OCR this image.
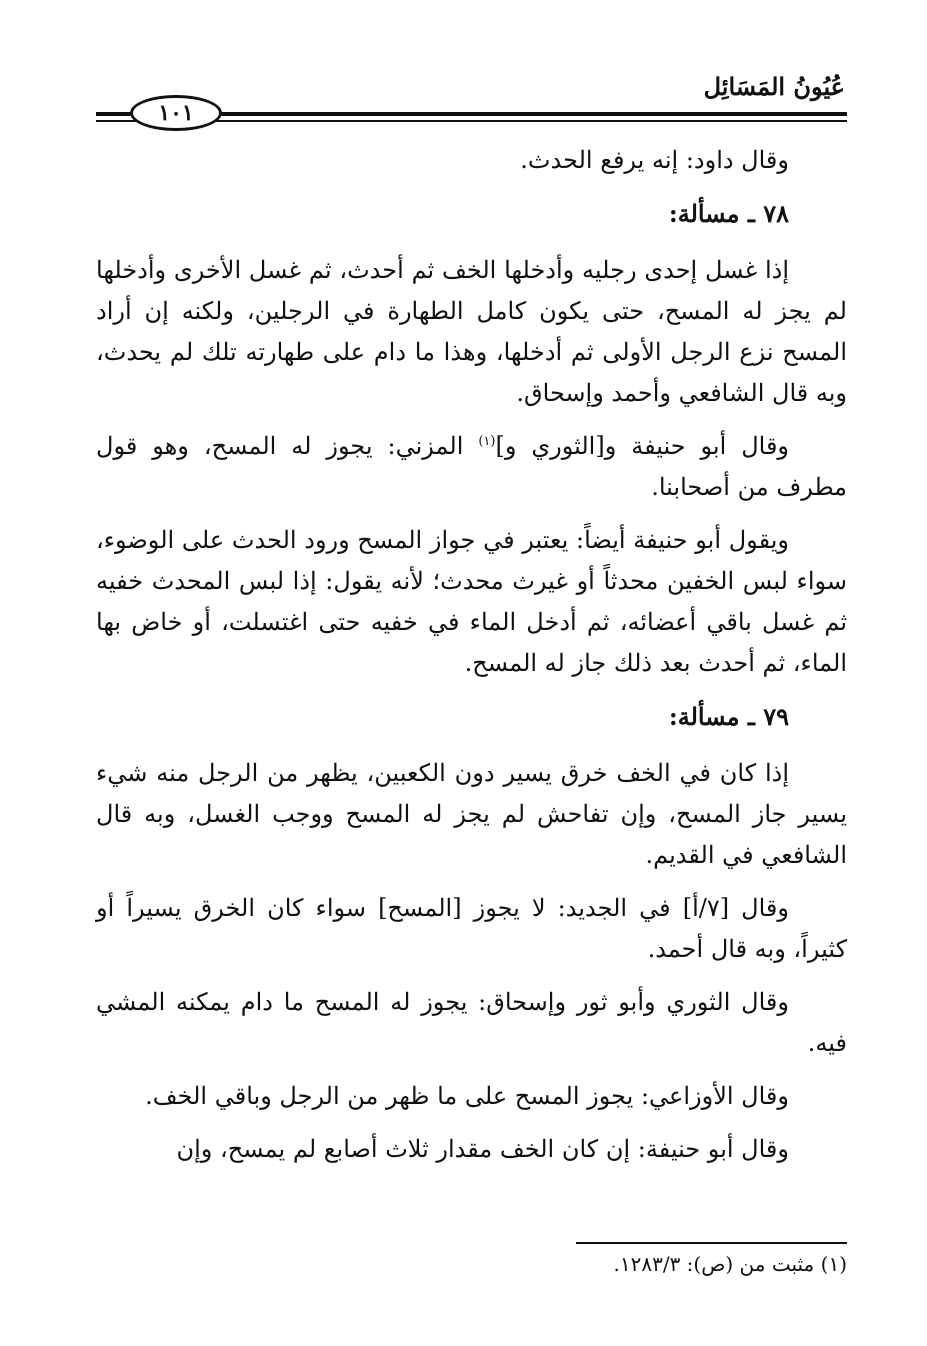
عُيُونُ المَسَائِل
١٠١

وقال داود: إنه يرفع الحدث.

٧٨ ـ مسألة:

إذا غسل إحدى رجليه وأدخلها الخف ثم أحدث، ثم غسل الأخرى وأدخلها لم يجز له المسح، حتى يكون كامل الطهارة في الرجلين، ولكنه إن أراد المسح نزع الرجل الأولى ثم أدخلها، وهذا ما دام على طهارته تلك لم يحدث، وبه قال الشافعي وأحمد وإسحاق.

وقال أبو حنيفة و[الثوري و]$^{(١)}$ المزني: يجوز له المسح، وهو قول مطرف من أصحابنا.

ويقول أبو حنيفة أيضاً: يعتبر في جواز المسح ورود الحدث على الوضوء، سواء لبس الخفين محدثاً أو غيرث محدث؛ لأنه يقول: إذا لبس المحدث خفيه ثم غسل باقي أعضائه، ثم أدخل الماء في خفيه حتى اغتسلت، أو خاض بها الماء، ثم أحدث بعد ذلك جاز له المسح.

٧٩ ـ مسألة:

إذا كان في الخف خرق يسير دون الكعبين، يظهر من الرجل منه شيء يسير جاز المسح، وإن تفاحش لم يجز له المسح ووجب الغسل، وبه قال الشافعي في القديم.

وقال [٧/أ] في الجديد: لا يجوز [المسح] سواء كان الخرق يسيراً أو كثيراً، وبه قال أحمد.

وقال الثوري وأبو ثور وإسحاق: يجوز له المسح ما دام يمكنه المشي فيه.

وقال الأوزاعي: يجوز المسح على ما ظهر من الرجل وباقي الخف.

وقال أبو حنيفة: إن كان الخف مقدار ثلاث أصابع لم يمسح، وإن

(١) مثبت من (ص): ١٢٨٣/٣.
